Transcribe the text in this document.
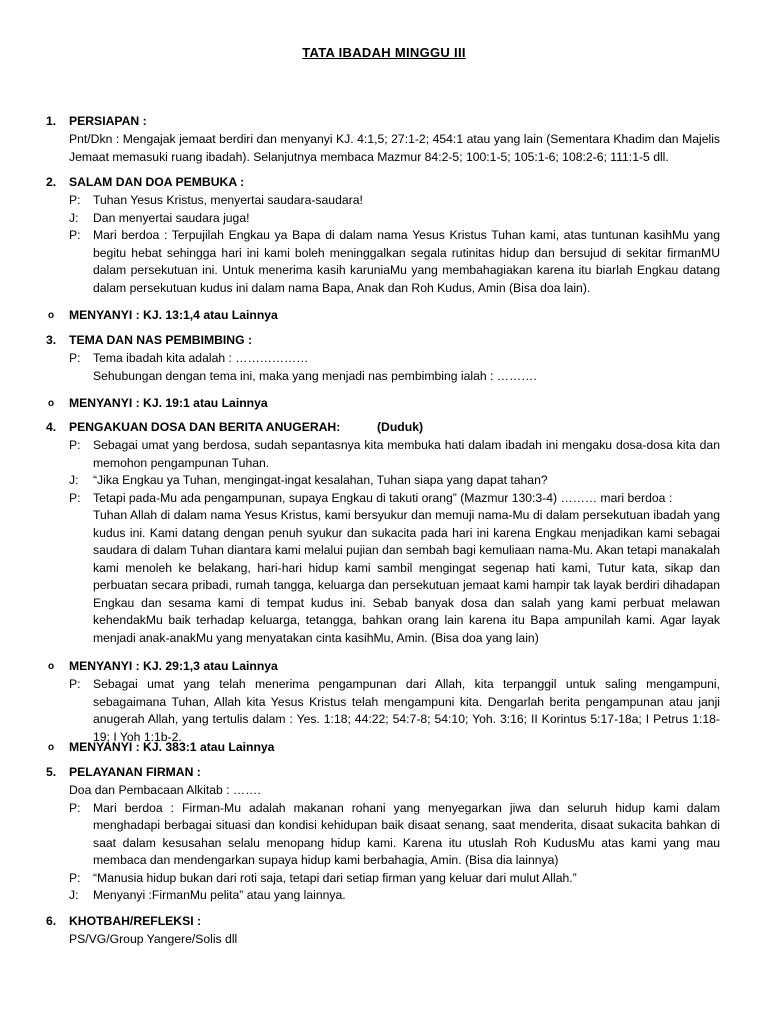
TATA IBADAH MINGGU III
1. PERSIAPAN :

Pnt/Dkn : Mengajak jemaat berdiri dan menyanyi KJ. 4:1,5; 27:1-2; 454:1 atau yang lain (Sementara Khadim dan Majelis Jemaat memasuki ruang ibadah). Selanjutnya membaca Mazmur 84:2-5; 100:1-5; 105:1-6; 108:2-6; 111:1-5 dll.

2. SALAM DAN DOA PEMBUKA :
P:	Tuhan Yesus Kristus, menyertai saudara-saudara!
J:	Dan menyertai saudara juga!
P:	Mari berdoa : Terpujilah Engkau ya Bapa di dalam nama Yesus Kristus Tuhan kami, atas tuntunan kasihMu yang begitu hebat sehingga hari ini kami boleh meninggalkan segala rutinitas hidup dan bersujud di sekitar firmanMU dalam persekutuan ini. Untuk menerima kasih karuniaMu yang membahagiakan karena itu biarlah Engkau datang dalam persekutuan kudus ini dalam nama Bapa, Anak dan Roh Kudus, Amin (Bisa doa lain).
o MENYANYI : KJ. 13:1,4 atau Lainnya
3. TEMA DAN NAS PEMBIMBING :
P:	Tema ibadah kita adalah : ………………

Sehubungan dengan tema ini, maka yang menjadi nas pembimbing ialah : ……….

o MENYANYI : KJ. 19:1 atau Lainnya
4. PENGAKUAN DOSA DAN BERITA ANUGERAH:	(Duduk)
P:	Sebagai umat yang berdosa, sudah sepantasnya kita membuka hati dalam ibadah ini mengaku dosa-dosa kita dan memohon pengampunan Tuhan.
J:	“Jika Engkau ya Tuhan, mengingat-ingat kesalahan, Tuhan siapa yang dapat tahan?
P:	Tetapi pada-Mu ada pengampunan, supaya Engkau di takuti orang” (Mazmur 130:3-4) ……… mari berdoa :

Tuhan Allah di dalam nama Yesus Kristus, kami bersyukur dan memuji nama-Mu di dalam persekutuan ibadah yang kudus ini. Kami datang dengan penuh syukur dan sukacita pada hari ini karena Engkau menjadikan kami sebagai saudara di dalam Tuhan diantara kami melalui pujian dan sembah bagi kemuliaan nama-Mu. Akan tetapi manakalah kami menoleh ke belakang, hari-hari hidup kami sambil mengingat segenap hati kami, Tutur kata, sikap dan perbuatan secara pribadi, rumah tangga, keluarga dan persekutuan jemaat kami hampir tak layak berdiri dihadapan Engkau dan sesama kami di tempat kudus ini. Sebab banyak dosa dan salah yang kami perbuat melawan kehendakMu baik terhadap keluarga, tetangga, bahkan orang lain karena itu Bapa ampunilah kami. Agar layak menjadi anak-anakMu yang menyatakan cinta kasihMu, Amin. (Bisa doa yang lain)

o MENYANYI : KJ. 29:1,3 atau Lainnya
P:	Sebagai umat yang telah menerima pengampunan dari Allah, kita terpanggil untuk saling mengampuni, sebagaimana Tuhan, Allah kita Yesus Kristus telah mengampuni kita. Dengarlah berita pengampunan atau janji anugerah Allah, yang tertulis dalam : Yes. 1:18; 44:22; 54:7-8; 54:10; Yoh. 3:16; II Korintus 5:17-18a; I Petrus 1:18-19; I Yoh 1:1b-2.
o MENYANYI : KJ. 383:1 atau Lainnya
5. PELAYANAN FIRMAN :

Doa dan Pembacaan Alkitab : …….

P:	Mari berdoa : Firman-Mu adalah makanan rohani yang menyegarkan jiwa dan seluruh hidup kami dalam menghadapi berbagai situasi dan kondisi kehidupan baik disaat senang, saat menderita, disaat sukacita bahkan di saat dalam kesusahan selalu menopang hidup kami. Karena itu utuslah Roh KudusMu atas kami yang mau membaca dan mendengarkan supaya hidup kami berbahagia, Amin. (Bisa dia lainnya)
P:	“Manusia hidup bukan dari roti saja, tetapi dari setiap firman yang keluar dari mulut Allah.”
J:	Menyanyi :FirmanMu pelita” atau yang lainnya.
6. KHOTBAH/REFLEKSI :

PS/VG/Group Yangere/Solis dll
